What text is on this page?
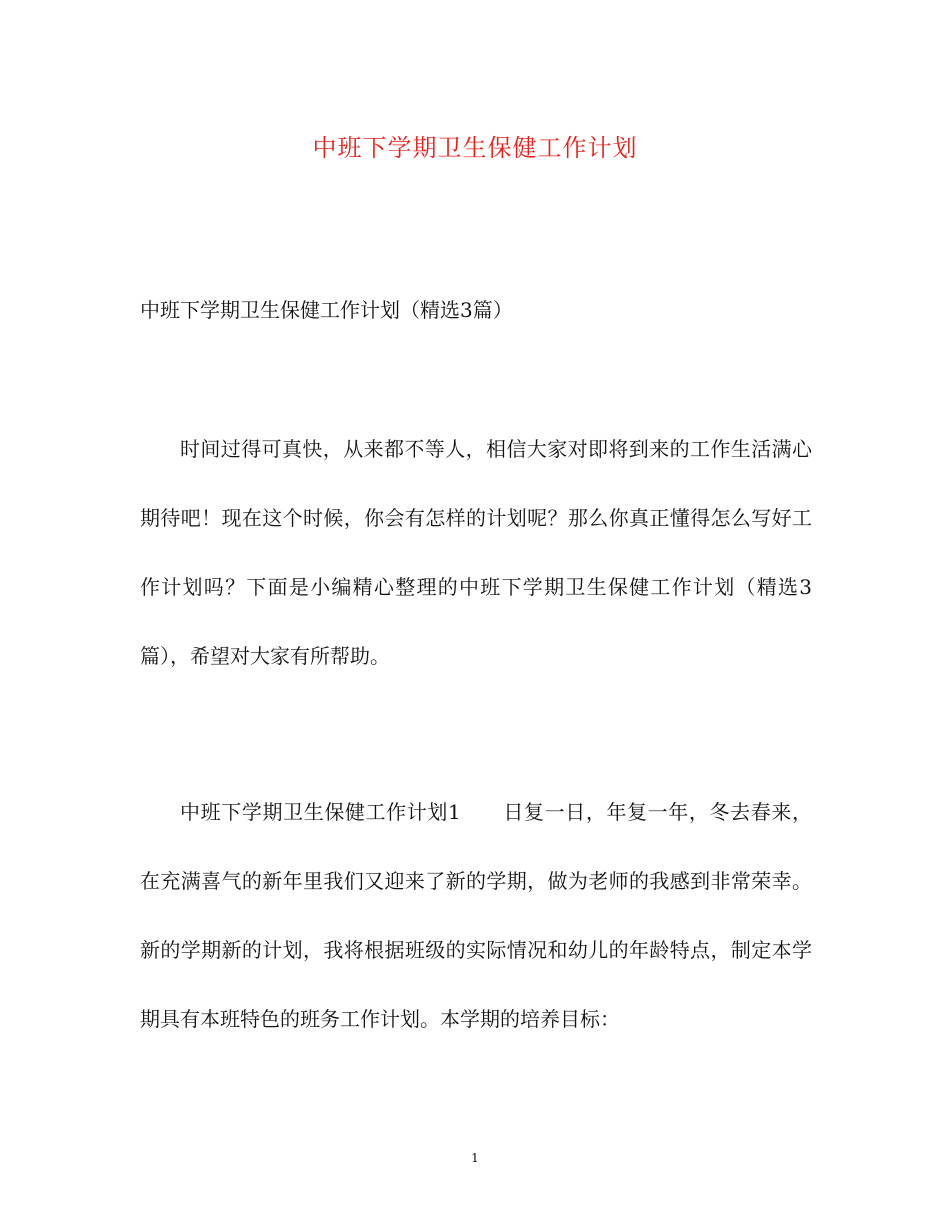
中班下学期卫生保健工作计划
中班下学期卫生保健工作计划（精选3篇）

时间过得可真快，从来都不等人，相信大家对即将到来的工作生活满心期待吧！现在这个时候，你会有怎样的计划呢？那么你真正懂得怎么写好工作计划吗？下面是小编精心整理的中班下学期卫生保健工作计划（精选3篇），希望对大家有所帮助。

中班下学期卫生保健工作计划1 日复一日，年复一年，冬去春来，在充满喜气的新年里我们又迎来了新的学期，做为老师的我感到非常荣幸。新的学期新的计划，我将根据班级的实际情况和幼儿的年龄特点，制定本学期具有本班特色的班务工作计划。本学期的培养目标：

1
